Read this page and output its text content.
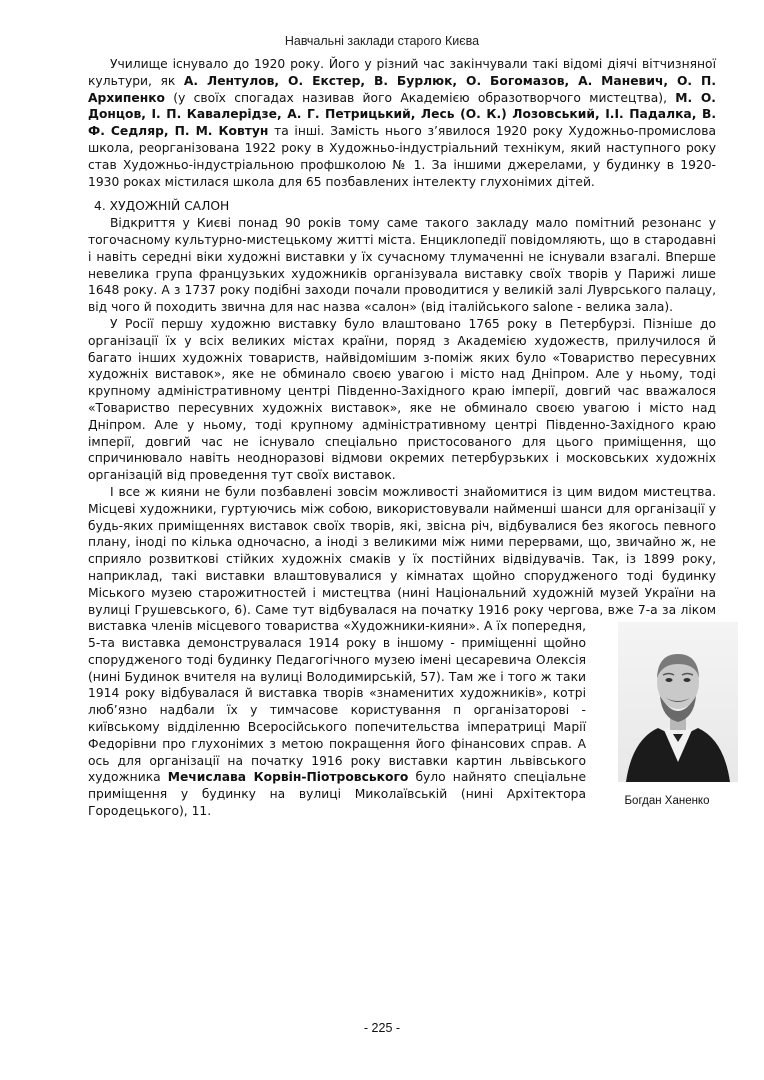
Навчальні заклади старого Києва

Училище існувало до 1920 року. Його у різний час закінчували такі відомі діячі вітчизняної культури, як А. Лентулов, О. Екстер, В. Бурлюк, О. Богомазов, А. Маневич, О. П. Архипенко (у своїх спогадах називав його Академією образотворчого мистецтва), М. О. Донцов, І. П. Кавалерідзе, А. Г. Петрицький, Лесь (О. К.) Лозовський, І.І. Падалка, В. Ф. Седляр, П. М. Ковтун та інші. Замість нього з’явилося 1920 року Художньо-промислова школа, реорганізована 1922 року в Художньо-індустріальний технікум, який наступного року став Художньо-індустріальною профшколою № 1. За іншими джерелами, у будинку в 1920-1930 роках містилася школа для 65 позбавлених інтелекту глухонімих дітей.

4. ХУДОЖНІЙ САЛОН

Відкриття у Києві понад 90 років тому саме такого закладу мало помітний резонанс у тогочасному культурно-мистецькому житті міста. Енциклопедії повідомляють, що в стародавні і навіть середні віки художні виставки у їх сучасному тлумаченні не існували взагалі. Вперше невелика група французьких художників організувала виставку своїх творів у Парижі лише 1648 року. А з 1737 року подібні заходи почали проводитися у великій залі Луврського палацу, від чого й походить звична для нас назва «салон» (від італійського salone - велика зала).

У Росії першу художню виставку було влаштовано 1765 року в Петербурзі. Пізніше до організації їх у всіх великих містах країни, поряд з Академією художеств, прилучилося й багато інших художніх товариств, найвідомішим з-поміж яких було «Товариство пересувних художніх виставок», яке не обминало своєю увагою і місто над Дніпром. Але у ньому, тоді крупному адміністративному центрі Південно-Західного краю імперії, довгий час вважалося «Товариство пересувних художніх виставок», яке не обминало своєю увагою і місто над Дніпром. Але у ньому, тоді крупному адміністративному центрі Південно-Західного краю імперії, довгий час не існувало спеціально пристосованого для цього приміщення, що спричинювало навіть неодноразові відмови окремих петербурзьких і московських художніх організацій від проведення тут своїх виставок.

І все ж кияни не були позбавлені зовсім можливості знайомитися із цим видом мистецтва. Місцеві художники, гуртуючись між собою, використовували найменші шанси для організації у будь-яких приміщеннях виставок своїх творів, які, звісна річ, відбувалися без якогось певного плану, іноді по кілька одночасно, а іноді з великими між ними перервами, що, звичайно ж, не сприяло розвиткові стійких художніх смаків у їх постійних відвідувачів. Так, із 1899 року, наприклад, такі виставки влаштовувалися у кімнатах щойно спорудженого тоді будинку Міського музею старожитностей і мистецтва (нині Національний художній музей України на вулиці Грушевського, 6). Саме тут відбувалася на початку 1916 року чергова, вже 7-а за ліком виставка членів місцевого
Богдан Ханенко
товариства «Художники-кияни». А їх попередня, 5-та виставка демонструвалася 1914 року в іншому - приміщенні щойно спорудженого тоді будинку Педагогічного музею імені цесаревича Олексія (нині Будинок вчителя на вулиці Володимирській, 57). Там же і того ж таки 1914 року відбувалася й виставка творів «знаменитих художників», котрі люб’язно надбали їх у тимчасове користування п організаторові - київському відділенню Всеросійського попечительства імператриці Марії Федорівни про глухонімих з метою покращення його фінансових справ. А ось для організації на початку 1916 року виставки картин львівського художника Мечислава Корвін-Піотровського було найнято спеціальне приміщення у будинку на вулиці Миколаївській (нині Архітектора Городецького), 11.

- 225 -
